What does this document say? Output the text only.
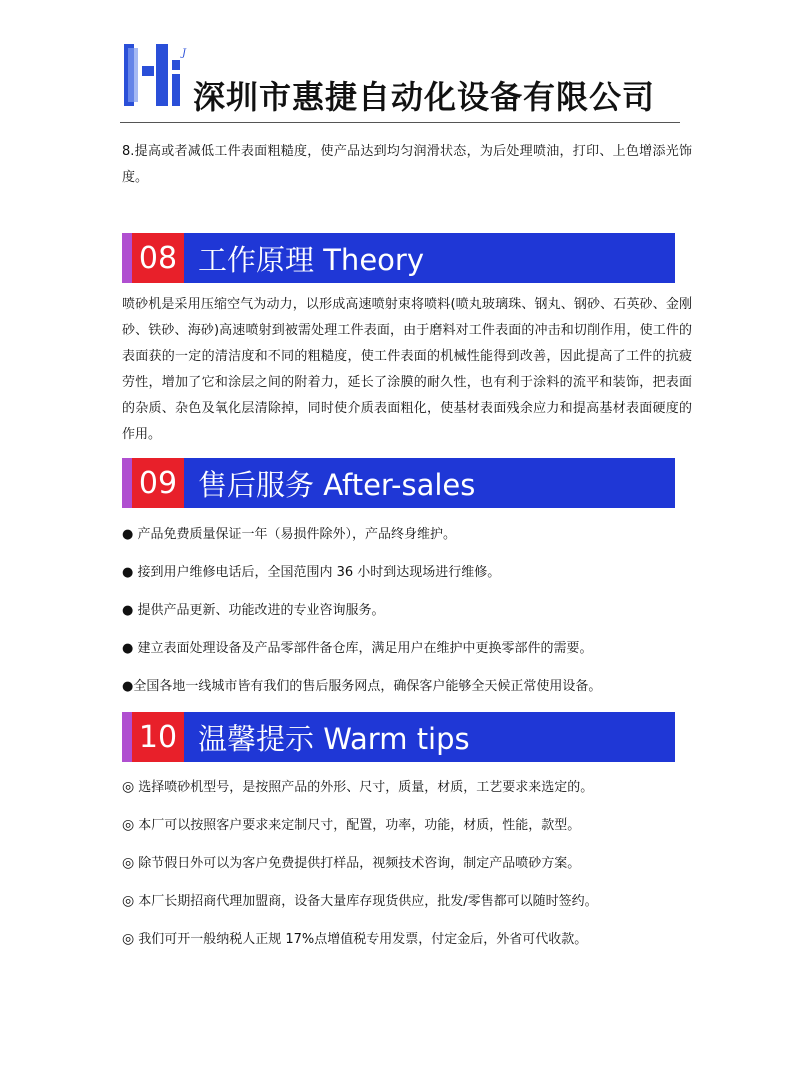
J
深圳市惠捷自动化设备有限公司
8.提高或者减低工件表面粗糙度，使产品达到均匀润滑状态，为后处理喷油，打印、上色增添光饰度。
08 工作原理 Theory
喷砂机是采用压缩空气为动力，以形成高速喷射束将喷料(喷丸玻璃珠、钢丸、钢砂、石英砂、金刚砂、铁砂、海砂)高速喷射到被需处理工件表面，由于磨料对工件表面的冲击和切削作用，使工件的表面获的一定的清洁度和不同的粗糙度，使工件表面的机械性能得到改善，因此提高了工件的抗疲劳性，增加了它和涂层之间的附着力，延长了涂膜的耐久性，也有利于涂料的流平和装饰，把表面的杂质、杂色及氧化层清除掉，同时使介质表面粗化，使基材表面残余应力和提高基材表面硬度的作用。
09 售后服务 After-sales
● 产品免费质量保证一年（易损件除外），产品终身维护。
● 接到用户维修电话后，全国范围内 36 小时到达现场进行维修。
● 提供产品更新、功能改进的专业咨询服务。
● 建立表面处理设备及产品零部件备仓库，满足用户在维护中更换零部件的需要。
●全国各地一线城市皆有我们的售后服务网点，确保客户能够全天候正常使用设备。
10 温馨提示 Warm tips
◎ 选择喷砂机型号，是按照产品的外形、尺寸，质量，材质，工艺要求来选定的。
◎ 本厂可以按照客户要求来定制尺寸，配置，功率，功能，材质，性能，款型。
◎ 除节假日外可以为客户免费提供打样品，视频技术咨询，制定产品喷砂方案。
◎ 本厂长期招商代理加盟商，设备大量库存现货供应，批发/零售都可以随时签约。
◎ 我们可开一般纳税人正规 17%点增值税专用发票，付定金后，外省可代收款。
